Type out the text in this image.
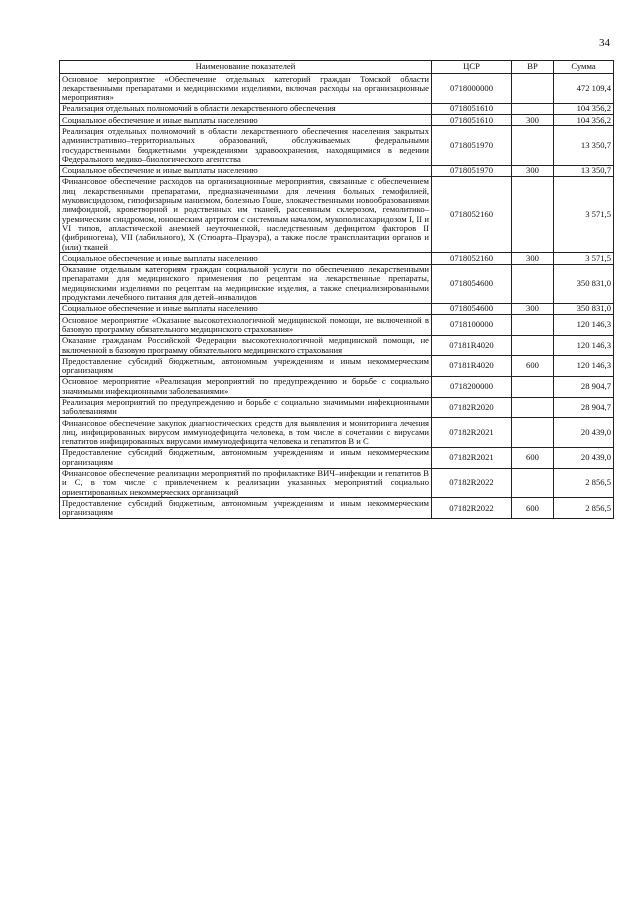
34
Наименование показателей	ЦСР	ВР	Сумма
Основное мероприятие «Обеспечение отдельных категорий граждан Томской области лекарственными препаратами и медицинскими изделиями, включая расходы на организационные мероприятия»	0718000000		472 109,4
Реализация отдельных полномочий в области лекарственного обеспечения	0718051610		104 356,2
Социальное обеспечение и иные выплаты населению	0718051610	300	104 356,2
Реализация отдельных полномочий в области лекарственного обеспечения населения закрытых административно–территориальных образований, обслуживаемых федеральными государственными бюджетными учреждениями здравоохранения, находящимися в ведении Федерального медико–биологического агентства	0718051970		13 350,7
Социальное обеспечение и иные выплаты населению	0718051970	300	13 350,7
Финансовое обеспечение расходов на организационные мероприятия, связанные с обеспечением лиц лекарственными препаратами, предназначенными для лечения больных гемофилией, муковисцидозом, гипофизарным нанизмом, болезнью Гоше, злокачественными новообразованиями лимфоидной, кроветворной и родственных им тканей, рассеянным склерозом, гемолитико–уремическим синдромом, юношеским артритом с системным началом, мукополисахаридозом I, II и VI типов, апластической анемией неуточненной, наследственным дефицитом факторов II (фибриногена), VII (лабильного), X (Стюарта–Прауэра), а также после трансплантации органов и (или) тканей	0718052160		3 571,5
Социальное обеспечение и иные выплаты населению	0718052160	300	3 571,5
Оказание отдельным категориям граждан социальной услуги по обеспечению лекарственными препаратами для медицинского применения по рецептам на лекарственные препараты, медицинскими изделиями по рецептам на медицинские изделия, а также специализированными продуктами лечебного питания для детей–инвалидов	0718054600		350 831,0
Социальное обеспечение и иные выплаты населению	0718054600	300	350 831,0
Основное мероприятие «Оказание высокотехнологичной медицинской помощи, не включенной в базовую программу обязательного медицинского страхования»	0718100000		120 146,3
Оказание гражданам Российской Федерации высокотехнологичной медицинской помощи, не включенной в базовую программу обязательного медицинского страхования	07181R4020		120 146,3
Предоставление субсидий бюджетным, автономным учреждениям и иным некоммерческим организациям	07181R4020	600	120 146,3
Основное мероприятие «Реализация мероприятий по предупреждению и борьбе с социально значимыми инфекционными заболеваниями»	0718200000		28 904,7
Реализация мероприятий по предупреждению и борьбе с социально значимыми инфекционными заболеваниями	07182R2020		28 904,7
Финансовое обеспечение закупок диагностических средств для выявления и мониторинга лечения лиц, инфицированных вирусом иммунодефицита человека, в том числе в сочетании с вирусами гепатитов инфицированных вирусами иммунодефицита человека и гепатитов В и С	07182R2021		20 439,0
Предоставление субсидий бюджетным, автономным учреждениям и иным некоммерческим организациям	07182R2021	600	20 439,0
Финансовое обеспечение реализации мероприятий по профилактике ВИЧ–инфекции и гепатитов В и С, в том числе с привлечением к реализации указанных мероприятий социально ориентированных некоммерческих организаций	07182R2022		2 856,5
Предоставление субсидий бюджетным, автономным учреждениям и иным некоммерческим организациям	07182R2022	600	2 856,5
